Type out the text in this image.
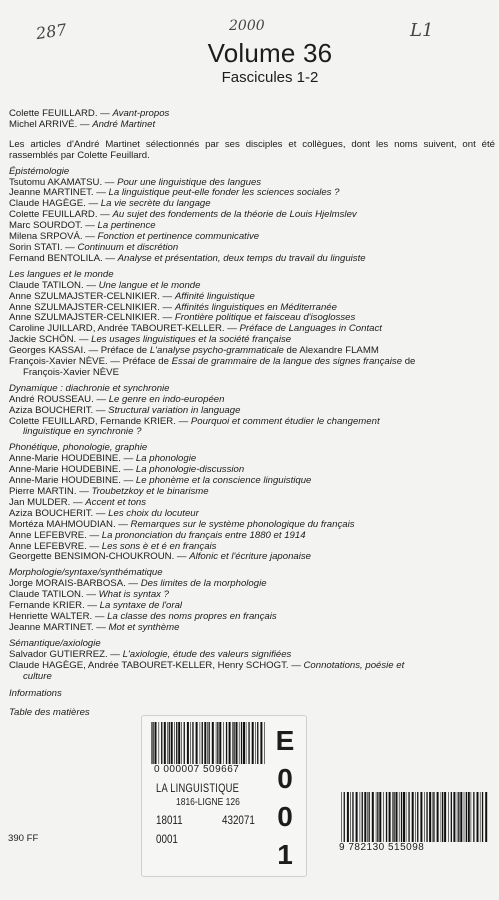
287	2000	L1
Volume 36
Fascicules 1-2
Colette FEUILLARD. — Avant-propos
Michel ARRIVÉ. — André Martinet
Les articles d'André Martinet sélectionnés par ses disciples et collègues, dont les noms suivent, ont été rassemblés par Colette Feuillard.
Épistémologie
Tsutomu AKAMATSU. — Pour une linguistique des langues
Jeanne MARTINET. — La linguistique peut-elle fonder les sciences sociales ?
Claude HAGÈGE. — La vie secrète du langage
Colette FEUILLARD. — Au sujet des fondements de la théorie de Louis Hjelmslev
Marc SOURDOT. — La pertinence
Milena SRPOVÁ. — Fonction et pertinence communicative
Sorin STATI. — Continuum et discrétion
Fernand BENTOLILA. — Analyse et présentation, deux temps du travail du linguiste
Les langues et le monde
Claude TATILON. — Une langue et le monde
Anne SZULMAJSTER-CELNIKIER. — Affinité linguistique
Anne SZULMAJSTER-CELNIKIER. — Affinités linguistiques en Méditerranée
Anne SZULMAJSTER-CELNIKIER. — Frontière politique et faisceau d'isoglosses
Caroline JUILLARD, Andrée TABOURET-KELLER. — Préface de Languages in Contact
Jackie SCHÖN. — Les usages linguistiques et la société française
Georges KASSAI. — Préface de L'analyse psycho-grammaticale de Alexandre FLAMM
François-Xavier NÈVE. — Préface de Essai de grammaire de la langue des signes française de
François-Xavier NÈVE
Dynamique : diachronie et synchronie
André ROUSSEAU. — Le genre en indo-européen
Aziza BOUCHERIT. — Structural variation in language
Colette FEUILLARD, Fernande KRIER. — Pourquoi et comment étudier le changement
linguistique en synchronie ?
Phonétique, phonologie, graphie
Anne-Marie HOUDEBINE. — La phonologie
Anne-Marie HOUDEBINE. — La phonologie-discussion
Anne-Marie HOUDEBINE. — Le phonème et la conscience linguistique
Pierre MARTIN. — Troubetzkoy et le binarisme
Jan MULDER. — Accent et tons
Aziza BOUCHERIT. — Les choix du locuteur
Mortéza MAHMOUDIAN. — Remarques sur le système phonologique du français
Anne LEFEBVRE. — La prononciation du français entre 1880 et 1914
Anne LEFEBVRE. — Les sons è et é en français
Georgette BENSIMON-CHOUKROUN. — Alfonic et l'écriture japonaise
Morphologie/syntaxe/synthématique
Jorge MORAIS-BARBOSA. — Des limites de la morphologie
Claude TATILON. — What is syntax ?
Fernande KRIER. — La syntaxe de l'oral
Henriette WALTER. — La classe des noms propres en français
Jeanne MARTINET. — Mot et synthème
Sémantique/axiologie
Salvador GUTIERREZ. — L'axiologie, étude des valeurs signifiées
Claude HAGÈGE, Andrée TABOURET-KELLER, Henry SCHOGT. — Connotations, poésie et
culture
Informations
Table des matières
390 FF
0 000007 509667
LA LINGUISTIQUE
1816-LIGNE 126
18011	432071
0001
E
0
0
1	9 782130 515098
